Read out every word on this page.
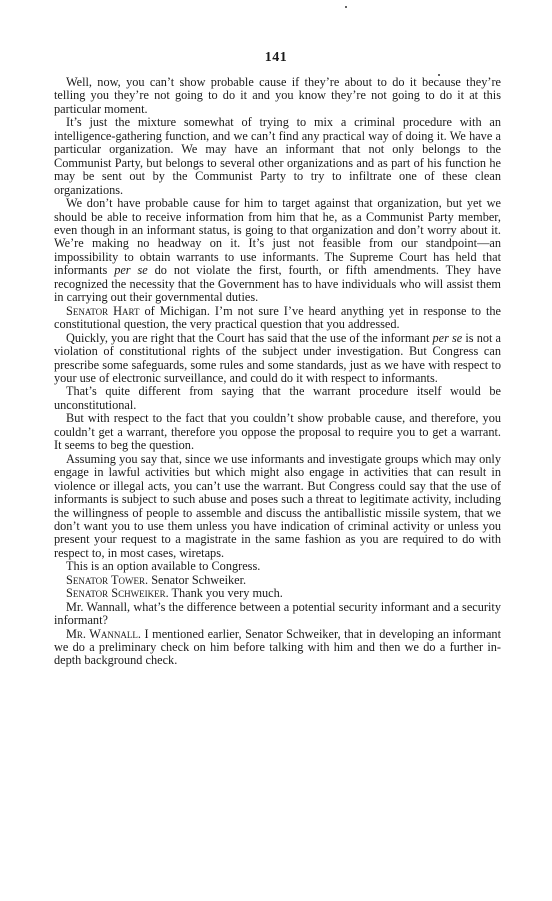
141

Well, now, you can’t show probable cause if they’re about to do it because they’re telling you they’re not going to do it and you know they’re not going to do it at this particular moment.

It’s just the mixture somewhat of trying to mix a criminal procedure with an intelligence-gathering function, and we can’t find any practical way of doing it. We have a particular organization. We may have an informant that not only belongs to the Communist Party, but belongs to several other organizations and as part of his function he may be sent out by the Communist Party to try to infiltrate one of these clean organizations.

We don’t have probable cause for him to target against that organization, but yet we should be able to receive information from him that he, as a Communist Party member, even though in an informant status, is going to that organization and don’t worry about it. We’re making no headway on it. It’s just not feasible from our standpoint—an impossibility to obtain warrants to use informants. The Supreme Court has held that informants per se do not violate the first, fourth, or fifth amendments. They have recognized the necessity that the Government has to have individuals who will assist them in carrying out their governmental duties.

Senator Hart of Michigan. I’m not sure I’ve heard anything yet in response to the constitutional question, the very practical question that you addressed.

Quickly, you are right that the Court has said that the use of the informant per se is not a violation of constitutional rights of the subject under investigation. But Congress can prescribe some safeguards, some rules and some standards, just as we have with respect to your use of electronic surveillance, and could do it with respect to informants.

That’s quite different from saying that the warrant procedure itself would be unconstitutional.

But with respect to the fact that you couldn’t show probable cause, and therefore, you couldn’t get a warrant, therefore you oppose the proposal to require you to get a warrant. It seems to beg the question.

Assuming you say that, since we use informants and investigate groups which may only engage in lawful activities but which might also engage in activities that can result in violence or illegal acts, you can’t use the warrant. But Congress could say that the use of informants is subject to such abuse and poses such a threat to legitimate activity, including the willingness of people to assemble and discuss the antiballistic missile system, that we don’t want you to use them unless you have indication of criminal activity or unless you present your request to a magistrate in the same fashion as you are required to do with respect to, in most cases, wiretaps.

This is an option available to Congress.

Senator Tower. Senator Schweiker.

Senator Schweiker. Thank you very much.

Mr. Wannall, what’s the difference between a potential security informant and a security informant?

Mr. Wannall. I mentioned earlier, Senator Schweiker, that in developing an informant we do a preliminary check on him before talking with him and then we do a further in-depth background check.
